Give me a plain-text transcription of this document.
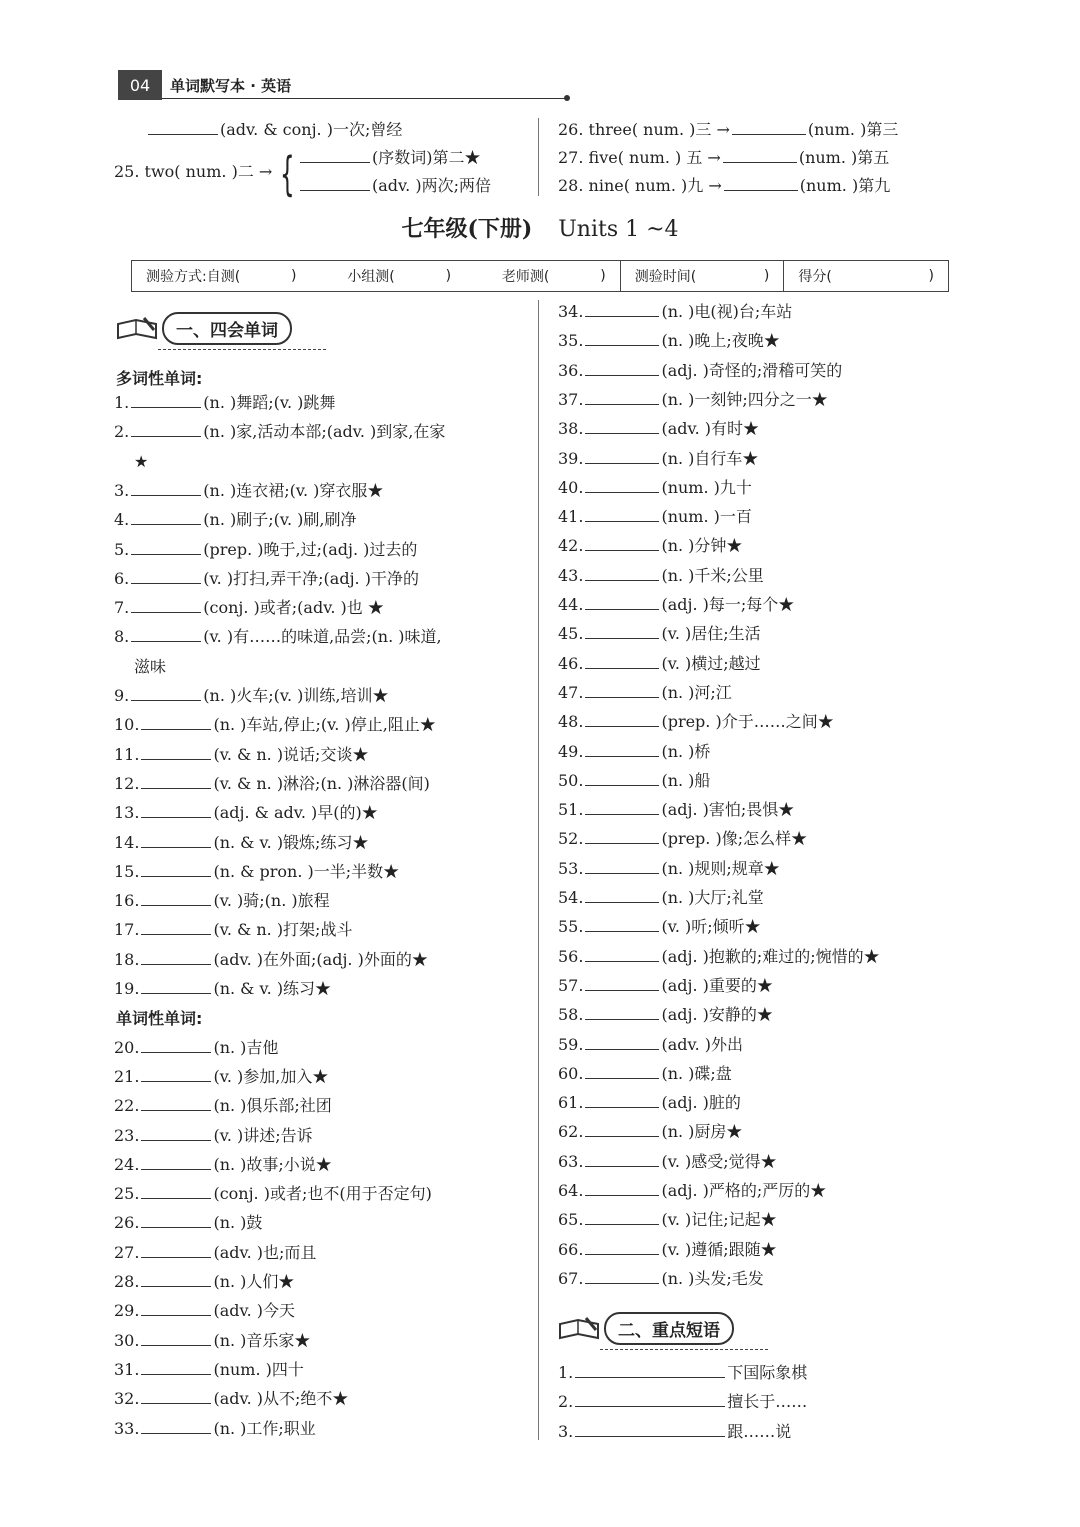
04	单词默写本 · 英语
(adv. & conj. )一次;曾经
25. two( num. )二 → {	(序数词)第二★
(adv. )两次;两倍
26. three( num. )三 →	(num. )第三
27. five( num. ) 五 →	(num. )第五
28. nine( num. )九 →	(num. )第九
七年级(下册) Units 1 ~4
测验方式:自测(	)	小组测(	)	老师测(	) 测验时间(	) 得分(	)
一、四会单词
多词性单词:
单词性单词:
1.	(n. )舞蹈;(v. )跳舞
2.	(n. )家,活动本部;(adv. )到家,在家
★
3.	(n. )连衣裙;(v. )穿衣服★
4.	(n. )刷子;(v. )刷,刷净
5.	(prep. )晚于,过;(adj. )过去的
6.	(v. )打扫,弄干净;(adj. )干净的
7.	(conj. )或者;(adv. )也 ★
8.	(v. )有……的味道,品尝;(n. )味道,
滋味
9.	(n. )火车;(v. )训练,培训★
10.	(n. )车站,停止;(v. )停止,阻止★
11.	(v. & n. )说话;交谈★
12.	(v. & n. )淋浴;(n. )淋浴器(间)
13.	(adj. & adv. )早(的)★
14.	(n. & v. )锻炼;练习★
15.	(n. & pron. )一半;半数★
16.	(v. )骑;(n. )旅程
17.	(v. & n. )打架;战斗
18.	(adv. )在外面;(adj. )外面的★
19.	(n. & v. )练习★
20.	(n. )吉他
21.	(v. )参加,加入★
22.	(n. )俱乐部;社团
23.	(v. )讲述;告诉
24.	(n. )故事;小说★
25.	(conj. )或者;也不(用于否定句)
26.	(n. )鼓
27.	(adv. )也;而且
28.	(n. )人们★
29.	(adv. )今天
30.	(n. )音乐家★
31.	(num. )四十
32.	(adv. )从不;绝不★
33.	(n. )工作;职业
34.	(n. )电(视)台;车站
35.	(n. )晚上;夜晚★
36.	(adj. )奇怪的;滑稽可笑的
37.	(n. )一刻钟;四分之一★
38.	(adv. )有时★
39.	(n. )自行车★
40.	(num. )九十
41.	(num. )一百
42.	(n. )分钟★
43.	(n. )千米;公里
44.	(adj. )每一;每个★
45.	(v. )居住;生活
46.	(v. )横过;越过
47.	(n. )河;江
48.	(prep. )介于……之间★
49.	(n. )桥
50.	(n. )船
51.	(adj. )害怕;畏惧★
52.	(prep. )像;怎么样★
53.	(n. )规则;规章★
54.	(n. )大厅;礼堂
55.	(v. )听;倾听★
56.	(adj. )抱歉的;难过的;惋惜的★
57.	(adj. )重要的★
58.	(adj. )安静的★
59.	(adv. )外出
60.	(n. )碟;盘
61.	(adj. )脏的
62.	(n. )厨房★
63.	(v. )感受;觉得★
64.	(adj. )严格的;严厉的★
65.	(v. )记住;记起★
66.	(v. )遵循;跟随★
67.	(n. )头发;毛发
二、重点短语
1.	下国际象棋
2.	擅长于……
3.	跟……说
